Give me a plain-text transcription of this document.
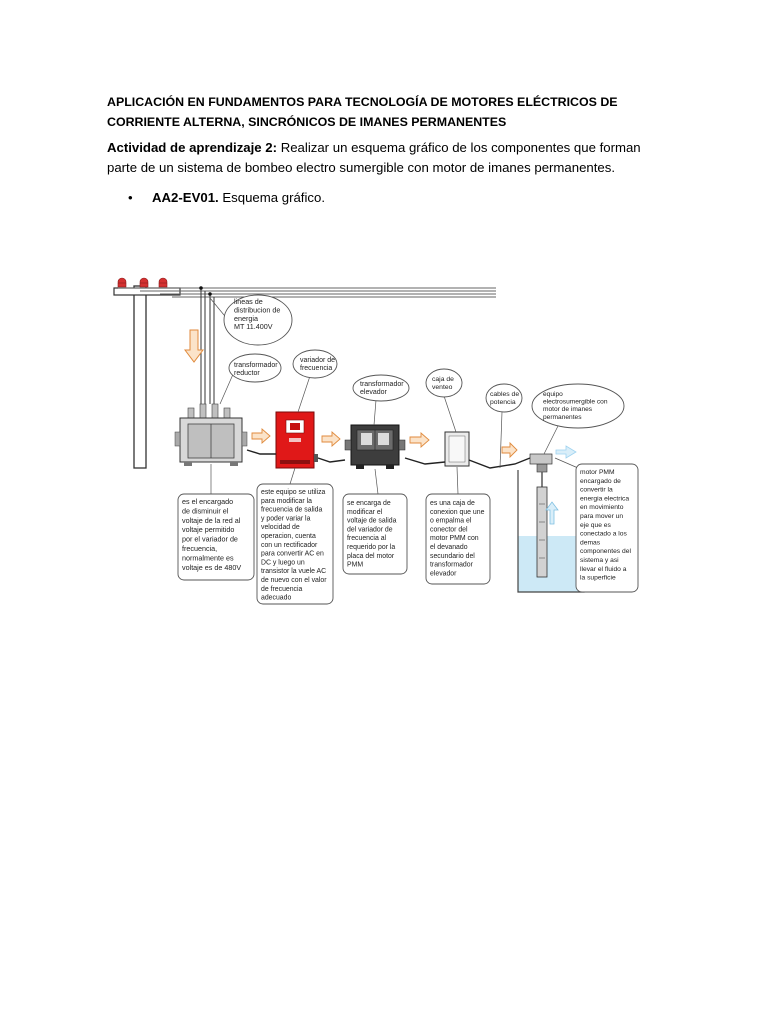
APLICACIÓN EN FUNDAMENTOS PARA TECNOLOGÍA DE MOTORES ELÉCTRICOS DE CORRIENTE ALTERNA, SINCRÓNICOS DE IMANES PERMANENTES
Actividad de aprendizaje 2: Realizar un esquema gráfico de los componentes que forman parte de un sistema de bombeo electro sumergible con motor de imanes permanentes.
• AA2-EV01. Esquema gráfico.
lineas de distribucion de energia MT 11.400V
transformador reductor
variador de frecuencia
transformador elevador
caja de venteo
cables de potencia
equipo electrosumergible con motor de imanes permanentes
es el encargado de disminuir el voltaje de la red al voltaje permitido por el variador de frecuencia, normalmente es voltaje es de 480V
este equipo se utiliza para modificar la frecuencia de salida y poder variar la velocidad de operacion, cuenta con un rectificador para convertir AC en DC y luego un transistor la vuele AC de nuevo con el valor de frecuencia adecuado
se encarga de modificar el voltaje de salida del variador de frecuencia al requerido por la placa del motor PMM
es una caja de conexion que une o empalma el conector del motor PMM con el devanado secundario del transformador elevador
motor PMM encargado de convertir la energia electrica en movimiento para mover un eje que es conectado a los demas componentes del sistema y asi llevar el fluido a la superficie
